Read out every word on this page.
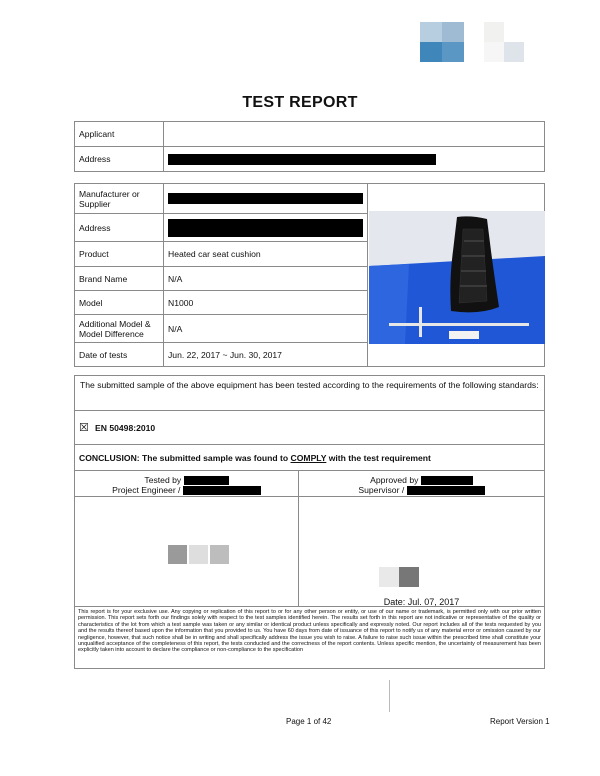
TEST REPORT
Applicant	
Address	
Manufacturer or Supplier		
Address		
Product	Heated car seat cushion	
Brand Name	N/A	
Model	N1000	
Additional Model & Model Difference	N/A	
Date of tests	Jun. 22, 2017 ~ Jun. 30, 2017	
The submitted sample of the above equipment has been tested according to the requirements of the following standards:
☒ EN 50498:2010
CONCLUSION: The submitted sample was found to COMPLY with the test requirement
Tested by
Project Engineer /
Approved by
Supervisor /
Date: Jul. 07, 2017
This report is for your exclusive use. Any copying or replication of this report to or for any other person or entity, or use of our name or trademark, is permitted only with our prior written permission. This report sets forth our findings solely with respect to the test samples identified herein. The results set forth in this report are not indicative or representative of the quality or characteristics of the lot from which a test sample was taken or any similar or identical product unless specifically and expressly noted. Our report includes all of the tests requested by you and the results thereof based upon the information that you provided to us. You have 60 days from date of issuance of this report to notify us of any material error or omission caused by our negligence, however, that such notice shall be in writing and shall specifically address the issue you wish to raise. A failure to raise such issue within the prescribed time shall constitute your unqualified acceptance of the completeness of this report, the tests conducted and the correctness of the report contents. Unless specific mention, the uncertainty of measurement has been explicitly taken into account to declare the compliance or non-compliance to the specification
Page 1 of 42	Report Version 1
